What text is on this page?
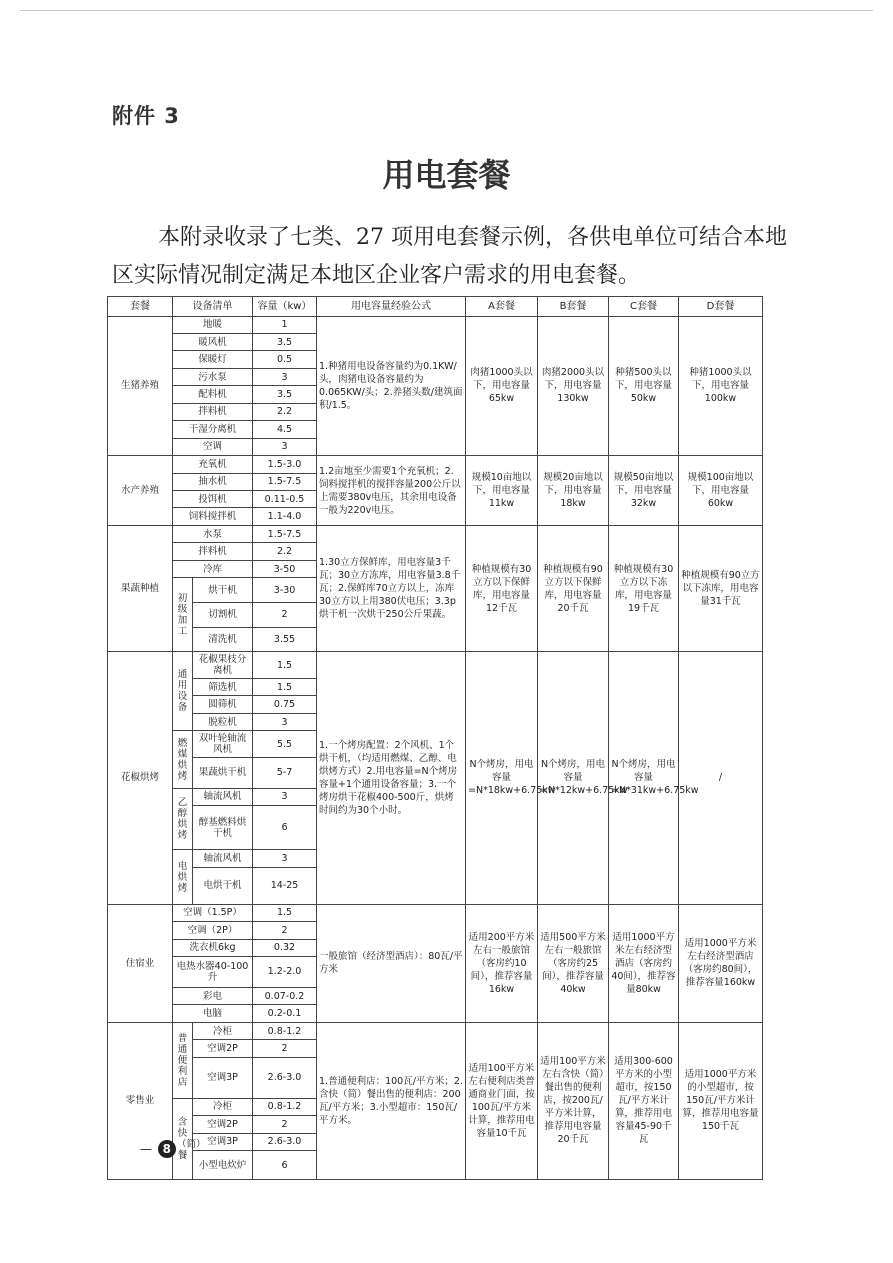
附件 3
用电套餐

本附录收录了七类、27 项用电套餐示例，各供电单位可结合本地区实际情况制定满足本地区企业客户需求的用电套餐。

套餐	设备清单		容量（kw）	用电容量经验公式	A套餐	B套餐	C套餐	D套餐
生猪养殖	地暖		1	1.种猪用电设备容量约为0.1KW/头，肉猪电设备容量约为0.065KW/头；2.养猪头数/建筑面积/1.5。	肉猪1000头以下，用电容量65kw	肉猪2000头以下，用电容量130kw	种猪500头以下，用电容量50kw	种猪1000头以下，用电容量100kw
	暖风机		3.5					
	保暖灯		0.5					
	污水泵		3					
	配料机		3.5					
	拌料机		2.2					
	干湿分离机		4.5					
	空调		3					
水产养殖	充氧机		1.5-3.0	1.2亩地至少需要1个充氧机；2.饲料搅拌机的搅拌容量200公斤以上需要380v电压，其余用电设备一般为220v电压。	规模10亩地以下，用电容量11kw	规模20亩地以下，用电容量18kw	规模50亩地以下，用电容量32kw	规模100亩地以下，用电容量60kw
	抽水机		1.5-7.5					
	投饵机		0.11-0.5					
	饲料搅拌机		1.1-4.0					
果蔬种植	水泵		1.5-7.5	1.30立方保鲜库，用电容量3千瓦；30立方冻库，用电容量3.8千瓦；2.保鲜库70立方以上，冻库30立方以上用380伏电压；3.3p烘干机一次烘干250公斤果蔬。	种植规模有30立方以下保鲜库，用电容量12千瓦	种植规模有90立方以下保鲜库，用电容量20千瓦	种植规模有30立方以下冻库，用电容量19千瓦	种植规模有90立方以下冻库，用电容量31千瓦
	拌料机		2.2					
	冷库		3-50					

	初级加工	烘干机	3-30					
		切割机	2					
		清洗机	3.55					
花椒烘烤	通用设备	花椒果枝分离机	1.5	1.一个烤房配置：2个风机、1个烘干机，（均适用燃煤、乙醇、电烘烤方式）2.用电容量=N个烤房容量+1个通用设备容量；3.一个烤房烘干花椒400-500斤，烘烤时间约为30个小时。	N个烤房，用电容量=N*18kw+6.75kw	N个烤房，用电容量=N*12kw+6.75kw	N个烤房，用电容量=N*31kw+6.75kw	/
		筛选机	1.5					
		圆筛机	0.75					
		脱粒机	3					

	燃煤烘烤	双叶轮轴流风机	5.5					
		果蔬烘干机	5-7					

	乙醇烘烤	轴流风机	3					
		醇基燃料烘干机	6					

	电烘烤	轴流风机	3					
		电烘干机	14-25					

住宿业	空调（1.5P）		1.5	一般旅馆（经济型酒店）：80瓦/平方米	适用200平方米左右一般旅馆（客房约10间），推荐容量16kw	适用500平方米左右一般旅馆（客房约25间），推荐容量40kw	适用1000平方米左右经济型酒店（客房约40间），推荐容量80kw	适用1000平方米左右经济型酒店（客房约80间），推荐容量160kw
	空调（2P）		2					
	洗衣机6kg		0.32					
	电热水器40-100升		1.2-2.0					
	彩电		0.07-0.2					
	电脑		0.2-0.1					
零售业	普通便利店	冷柜	0.8-1.2	1.普通便利店：100瓦/平方米；2.含快（简）餐出售的便利店：200瓦/平方米；3.小型超市：150瓦/平方米。	适用100平方米左右便利店类普通商业门面，按100瓦/平方米计算，推荐用电容量10千瓦	适用100平方米左右含快（简）餐出售的便利店，按200瓦/平方米计算，推荐用电容量20千瓦	适用300-600平方米的小型超市，按150瓦/平方米计算，推荐用电容量45-90千瓦	适用1000平方米的小型超市，按150瓦/平方米计算，推荐用电容量150千瓦
		空调2P	2					
		空调3P	2.6-3.0					

	含快（简）餐	冷柜	0.8-1.2					
		空调2P	2					
		空调3P	2.6-3.0					
		小型电炊炉	6					
— 8
